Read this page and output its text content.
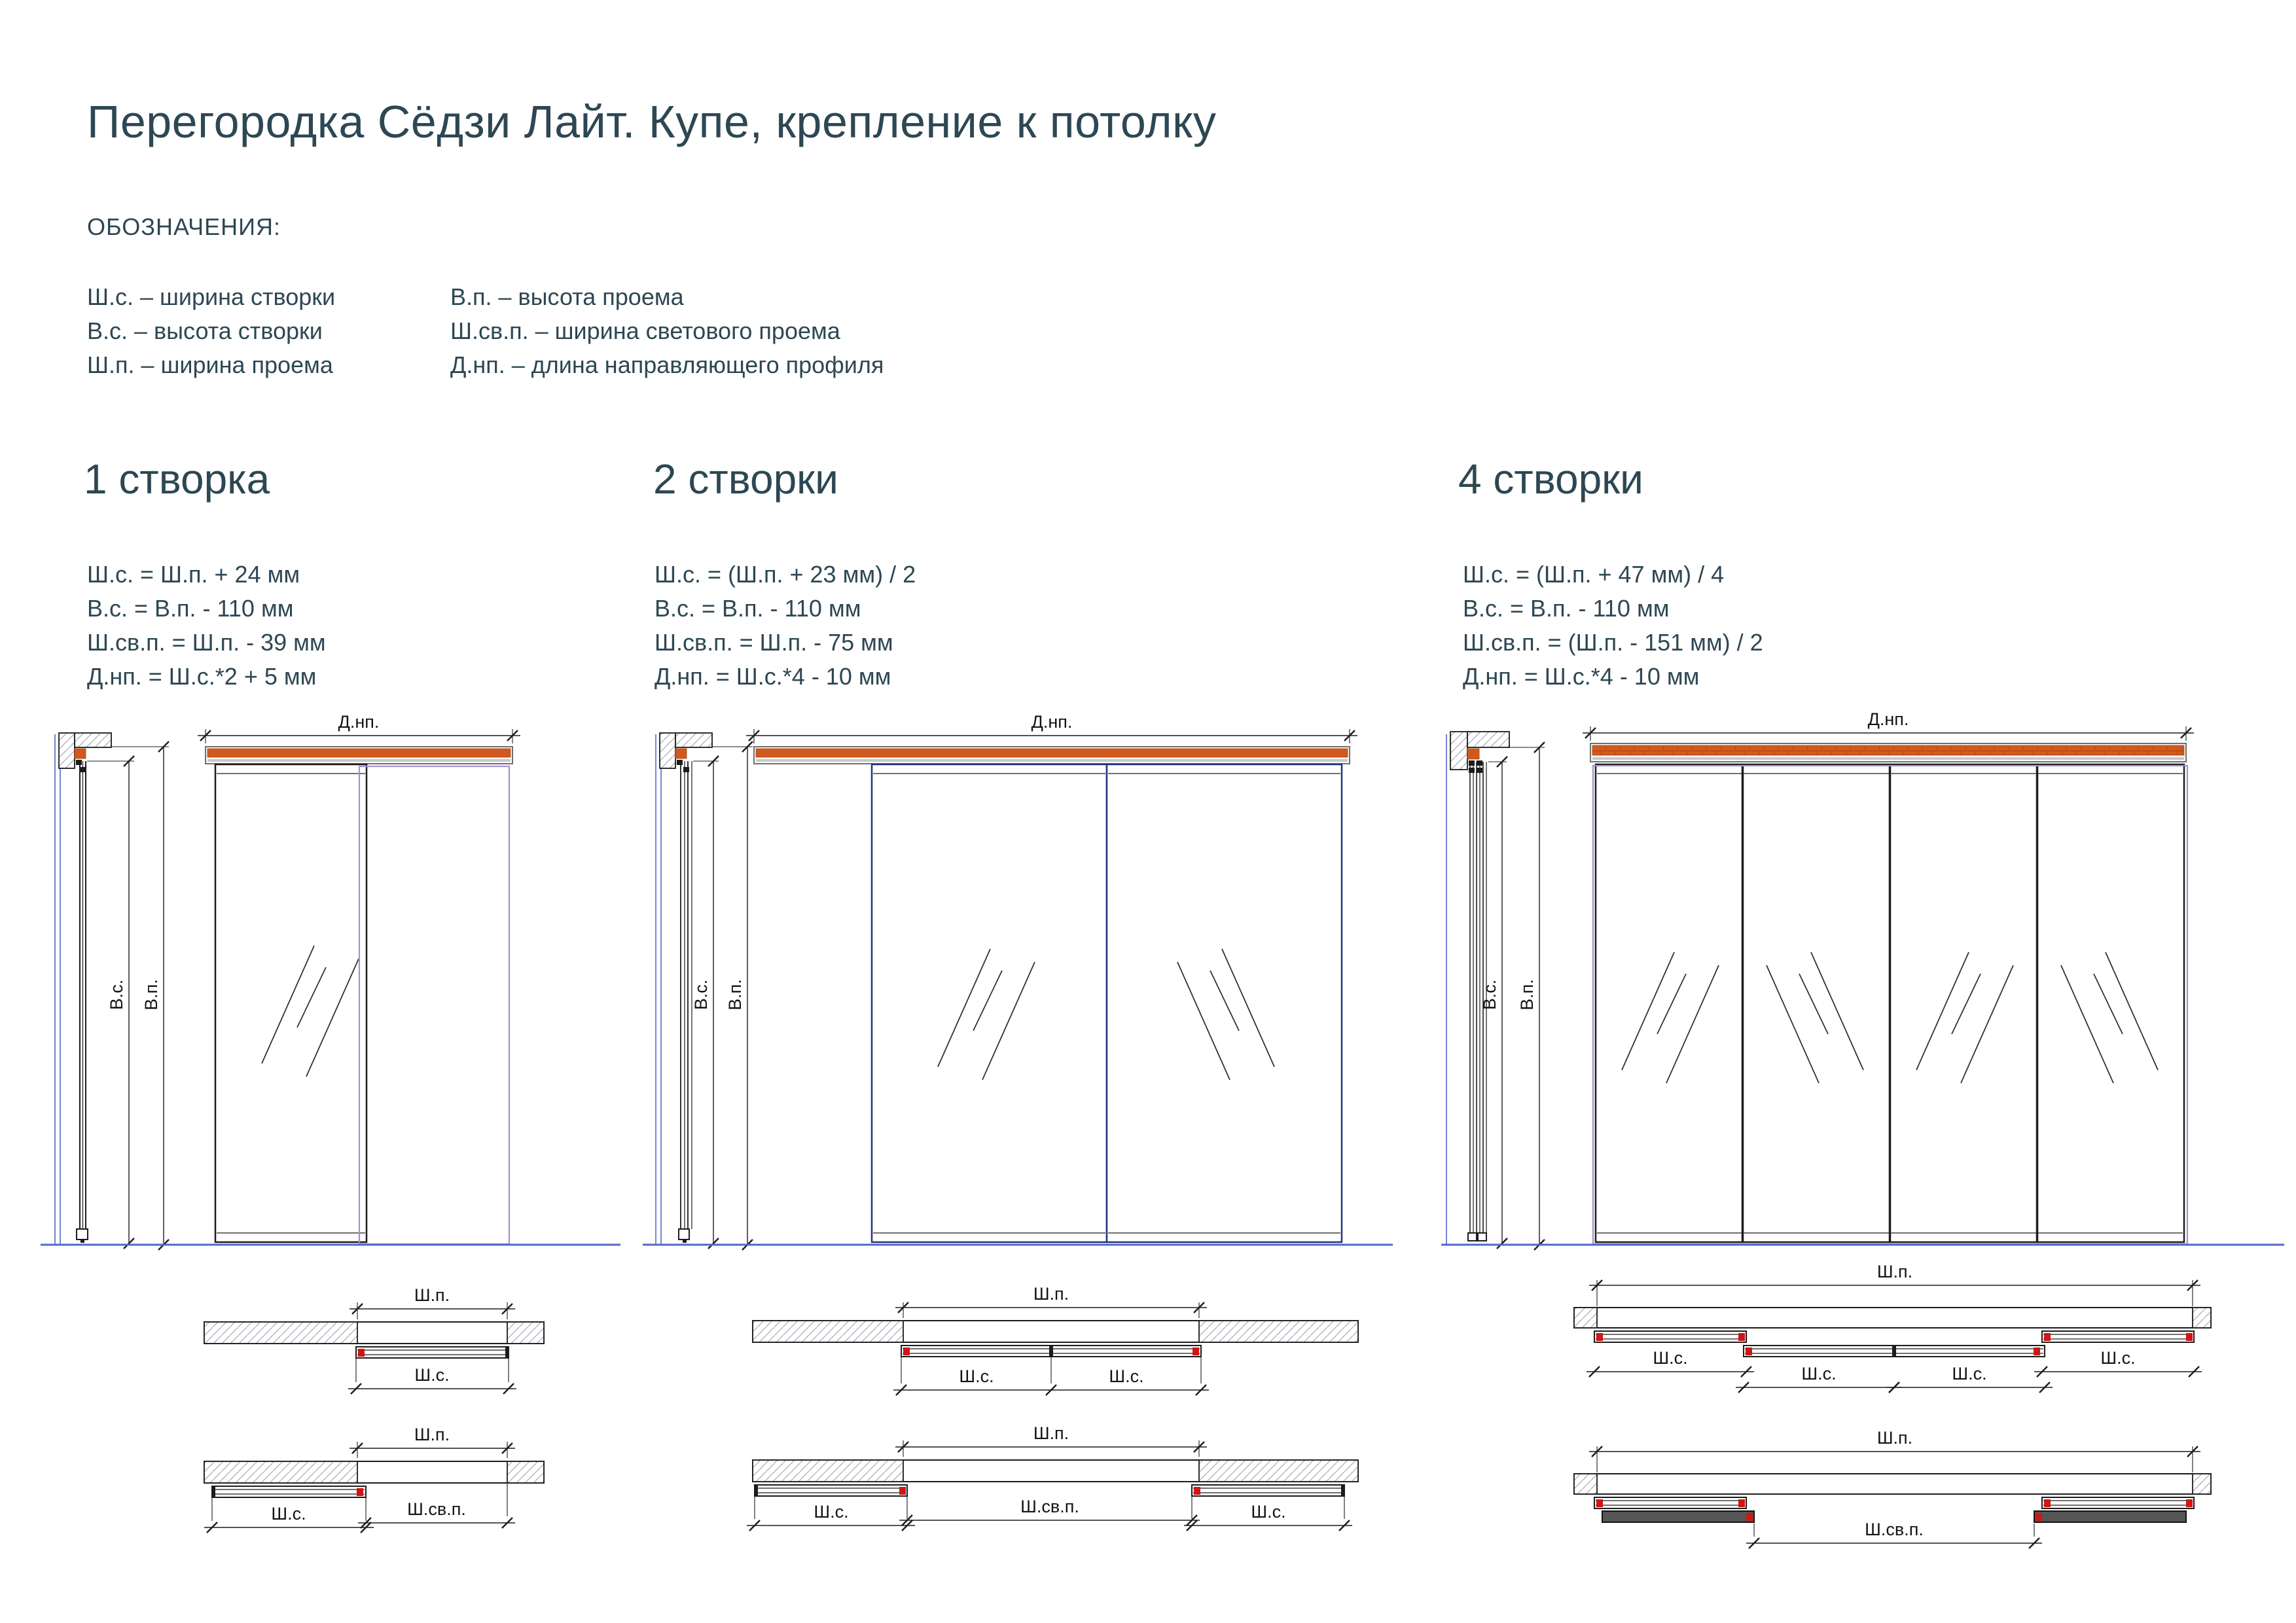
Перегородка Сёдзи Лайт. Купе, крепление к потолку
ОБОЗНАЧЕНИЯ:
Ш.с. – ширина створки
В.с. – высота створки
Ш.п. – ширина проема
В.п. – высота проема
Ш.св.п. – ширина светового проема
Д.нп. – длина направляющего профиля
1 створка	2 створки	4 створки
Ш.с. = Ш.п. + 24 мм
В.с. = В.п. - 110 мм
Ш.св.п. = Ш.п. - 39 мм
Д.нп. = Ш.с.*2 + 5 мм
Ш.с. = (Ш.п. + 23 мм) / 2
В.с. = В.п. - 110 мм
Ш.св.п. = Ш.п. - 75 мм
Д.нп. = Ш.с.*4 - 10 мм
Ш.с. = (Ш.п. + 47 мм) / 4
В.с. = В.п. - 110 мм
Ш.св.п. = (Ш.п. - 151 мм) / 2
Д.нп. = Ш.с.*4 - 10 мм
В.с. В.п.
Д.нп.
Ш.п.
Ш.с.
Ш.п.
Ш.с.	Ш.св.п.
В.с. В.п.
Д.нп.
Ш.п.
Ш.с.	Ш.с.
Ш.п.
Ш.с.	Ш.св.п.	Ш.с.
В.с. В.п.
Д.нп.
Ш.п.
Ш.с.
Ш.с.	Ш.с.
Ш.с.
Ш.п.
Ш.св.п.
